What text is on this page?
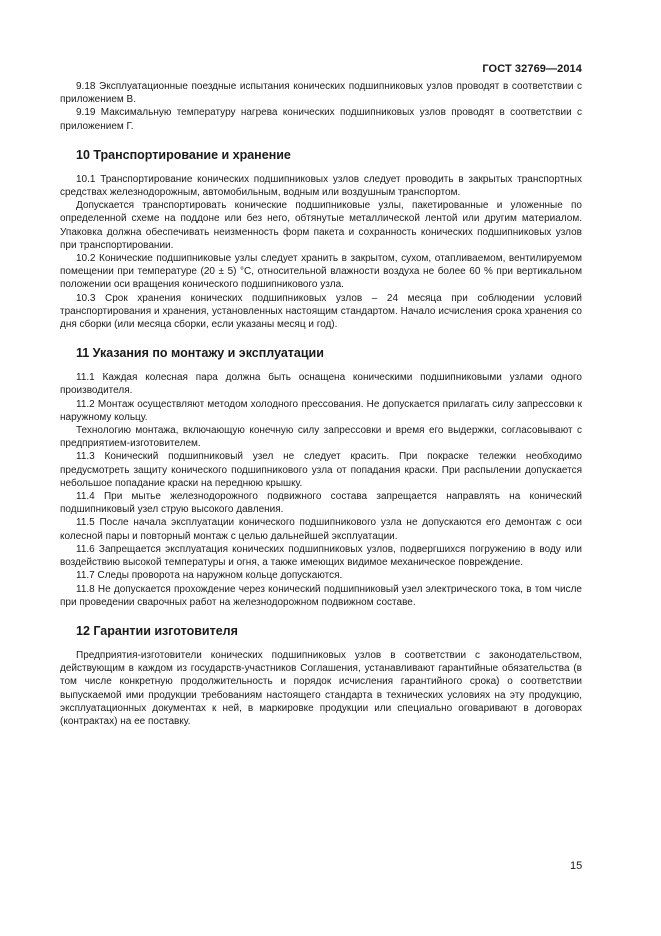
ГОСТ 32769—2014

9.18 Эксплуатационные поездные испытания конических подшипниковых узлов проводят в соответствии с приложением В.

9.19 Максимальную температуру нагрева конических подшипниковых узлов проводят в соответствии с приложением Г.

10 Транспортирование и хранение

10.1 Транспортирование конических подшипниковых узлов следует проводить в закрытых транспортных средствах железнодорожным, автомобильным, водным или воздушным транспортом.

Допускается транспортировать конические подшипниковые узлы, пакетированные и уложенные по определенной схеме на поддоне или без него, обтянутые металлической лентой или другим материалом. Упаковка должна обеспечивать неизменность форм пакета и сохранность конических подшипниковых узлов при транспортировании.

10.2 Конические подшипниковые узлы следует хранить в закрытом, сухом, отапливаемом, вентилируемом помещении при температуре (20 ± 5) °С, относительной влажности воздуха не более 60 % при вертикальном положении оси вращения конического подшипникового узла.

10.3 Срок хранения конических подшипниковых узлов – 24 месяца при соблюдении условий транспортирования и хранения, установленных настоящим стандартом. Начало исчисления срока хранения со дня сборки (или месяца сборки, если указаны месяц и год).

11 Указания по монтажу и эксплуатации

11.1 Каждая колесная пара должна быть оснащена коническими подшипниковыми узлами одного производителя.

11.2 Монтаж осуществляют методом холодного прессования. Не допускается прилагать силу запрессовки к наружному кольцу.

Технологию монтажа, включающую конечную силу запрессовки и время его выдержки, согласовывают с предприятием-изготовителем.

11.3 Конический подшипниковый узел не следует красить. При покраске тележки необходимо предусмотреть защиту конического подшипникового узла от попадания краски. При распылении допускается небольшое попадание краски на переднюю крышку.

11.4 При мытье железнодорожного подвижного состава запрещается направлять на конический подшипниковый узел струю высокого давления.

11.5 После начала эксплуатации конического подшипникового узла не допускаются его демонтаж с оси колесной пары и повторный монтаж с целью дальнейшей эксплуатации.

11.6 Запрещается эксплуатация конических подшипниковых узлов, подвергшихся погружению в воду или воздействию высокой температуры и огня, а также имеющих видимое механическое повреждение.

11.7 Следы проворота на наружном кольце допускаются.

11.8 Не допускается прохождение через конический подшипниковый узел электрического тока, в том числе при проведении сварочных работ на железнодорожном подвижном составе.

12 Гарантии изготовителя

Предприятия-изготовители конических подшипниковых узлов в соответствии с законодательством, действующим в каждом из государств-участников Соглашения, устанавливают гарантийные обязательства (в том числе конкретную продолжительность и порядок исчисления гарантийного срока) о соответствии выпускаемой ими продукции требованиям настоящего стандарта в технических условиях на эту продукцию, эксплуатационных документах к ней, в маркировке продукции или специально оговаривают в договорах (контрактах) на ее поставку.

15
